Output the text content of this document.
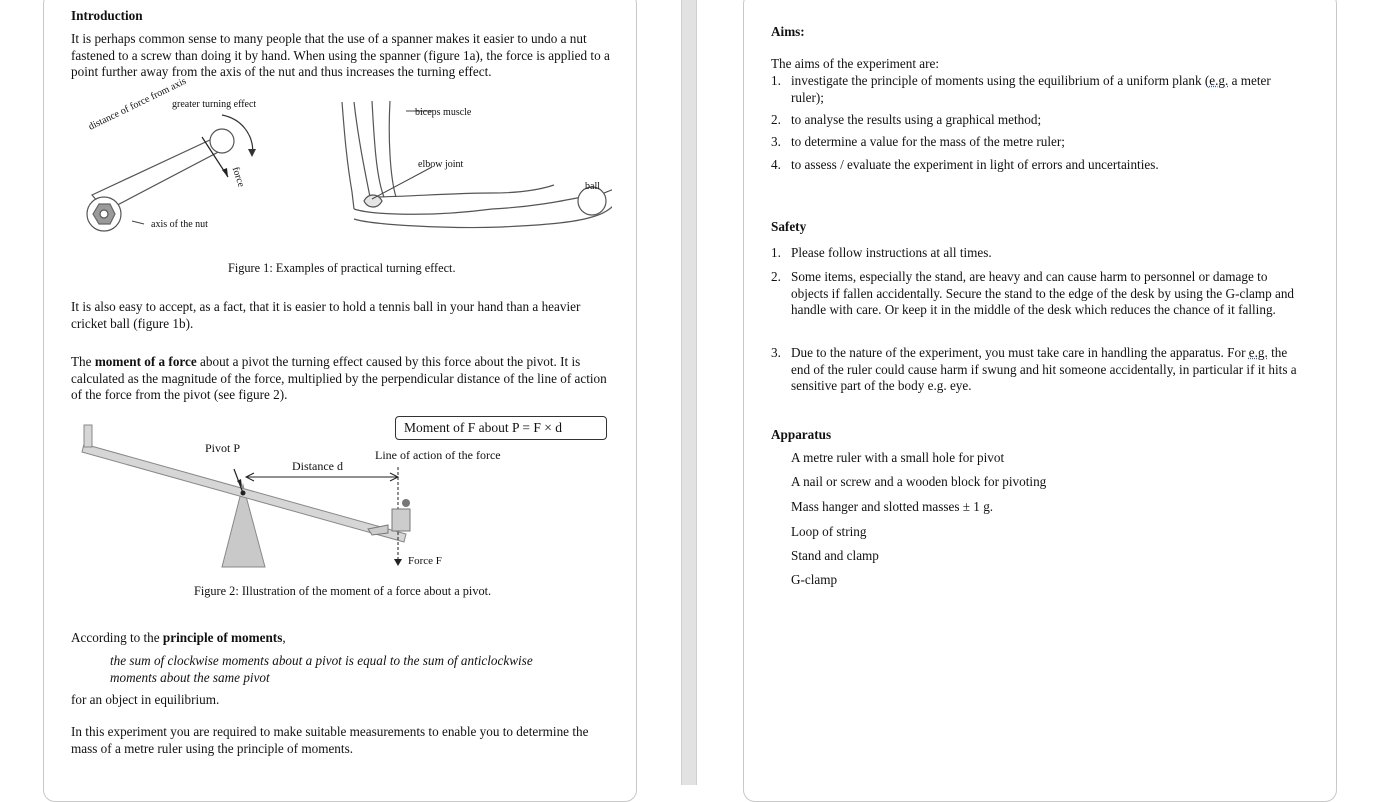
Introduction
It is perhaps common sense to many people that the use of a spanner makes it easier to undo a nut fastened to a screw than doing it by hand. When using the spanner (figure 1a), the force is applied to a point further away from the axis of the nut and thus increases the turning effect.
greater turning effect
distance of force from axis
force
axis of the nut
biceps muscle
elbow joint
ball
Figure 1: Examples of practical turning effect.
It is also easy to accept, as a fact, that it is easier to hold a tennis ball in your hand than a heavier cricket ball (figure 1b).
The moment of a force about a pivot the turning effect caused by this force about the pivot. It is calculated as the magnitude of the force, multiplied by the perpendicular distance of the line of action of the force from the pivot (see figure 2).
Moment of F about P = F × d
Pivot P
Distance d
Line of action of the force
Force F
Figure 2: Illustration of the moment of a force about a pivot.
According to the principle of moments,
the sum of clockwise moments about a pivot is equal to the sum of anticlockwise moments about the same pivot
for an object in equilibrium.
In this experiment you are required to make suitable measurements to enable you to determine the mass of a metre ruler using the principle of moments.
Aims:
The aims of the experiment are:
1. investigate the principle of moments using the equilibrium of a uniform plank (e.g. a meter ruler);
2. to analyse the results using a graphical method;
3. to determine a value for the mass of the metre ruler;
4. to assess / evaluate the experiment in light of errors and uncertainties.
Safety
1. Please follow instructions at all times.
2. Some items, especially the stand, are heavy and can cause harm to personnel or damage to objects if fallen accidentally. Secure the stand to the edge of the desk by using the G-clamp and handle with care. Or keep it in the middle of the desk which reduces the chance of it falling.
3. Due to the nature of the experiment, you must take care in handling the apparatus. For e.g. the end of the ruler could cause harm if swung and hit someone accidentally, in particular if it hits a sensitive part of the body e.g. eye.
Apparatus
A metre ruler with a small hole for pivot
A nail or screw and a wooden block for pivoting
Mass hanger and slotted masses ± 1 g.
Loop of string
Stand and clamp
G-clamp
